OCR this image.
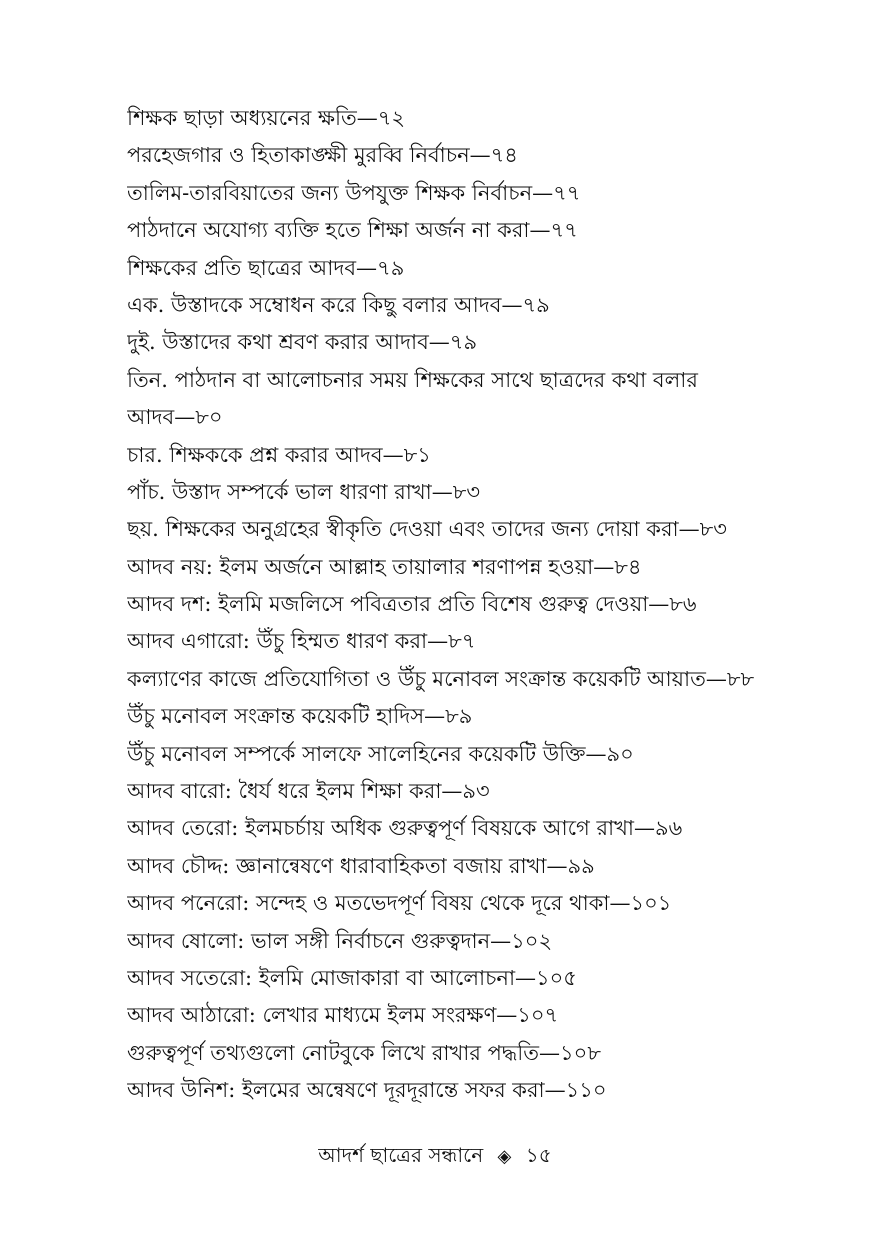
শিক্ষক ছাড়া অধ্যয়নের ক্ষতি—৭২
পরহেজগার ও হিতাকাঙ্ক্ষী মুরব্বি নির্বাচন—৭৪
তালিম-তারবিয়াতের জন্য উপযুক্ত শিক্ষক নির্বাচন—৭৭
পাঠদানে অযোগ্য ব্যক্তি হতে শিক্ষা অর্জন না করা—৭৭
শিক্ষকের প্রতি ছাত্রের আদব—৭৯
এক. উস্তাদকে সম্বোধন করে কিছু বলার আদব—৭৯
দুই. উস্তাদের কথা শ্রবণ করার আদাব—৭৯
তিন. পাঠদান বা আলোচনার সময় শিক্ষকের সাথে ছাত্রদের কথা বলার
আদব—৮০
চার. শিক্ষককে প্রশ্ন করার আদব—৮১
পাঁচ. উস্তাদ সম্পর্কে ভাল ধারণা রাখা—৮৩
ছয়. শিক্ষকের অনুগ্রহের স্বীকৃতি দেওয়া এবং তাদের জন্য দোয়া করা—৮৩
আদব নয়: ইলম অর্জনে আল্লাহ তায়ালার শরণাপন্ন হওয়া—৮৪
আদব দশ: ইলমি মজলিসে পবিত্রতার প্রতি বিশেষ গুরুত্ব দেওয়া—৮৬
আদব এগারো: উঁচু হিম্মত ধারণ করা—৮৭
কল্যাণের কাজে প্রতিযোগিতা ও উঁচু মনোবল সংক্রান্ত কয়েকটি আয়াত—৮৮
উঁচু মনোবল সংক্রান্ত কয়েকটি হাদিস—৮৯
উঁচু মনোবল সম্পর্কে সালফে সালেহিনের কয়েকটি উক্তি—৯০
আদব বারো: ধৈর্য ধরে ইলম শিক্ষা করা—৯৩
আদব তেরো: ইলমচর্চায় অধিক গুরুত্বপূর্ণ বিষয়কে আগে রাখা—৯৬
আদব চৌদ্দ: জ্ঞানান্বেষণে ধারাবাহিকতা বজায় রাখা—৯৯
আদব পনেরো: সন্দেহ ও মতভেদপূর্ণ বিষয় থেকে দূরে থাকা—১০১
আদব ষোলো: ভাল সঙ্গী নির্বাচনে গুরুত্বদান—১০২
আদব সতেরো: ইলমি মোজাকারা বা আলোচনা—১০৫
আদব আঠারো: লেখার মাধ্যমে ইলম সংরক্ষণ—১০৭
গুরুত্বপূর্ণ তথ্যগুলো নোটবুকে লিখে রাখার পদ্ধতি—১০৮
আদব উনিশ: ইলমের অন্বেষণে দূরদূরান্তে সফর করা—১১০
আদর্শ ছাত্রের সন্ধানে ◈ ১৫
